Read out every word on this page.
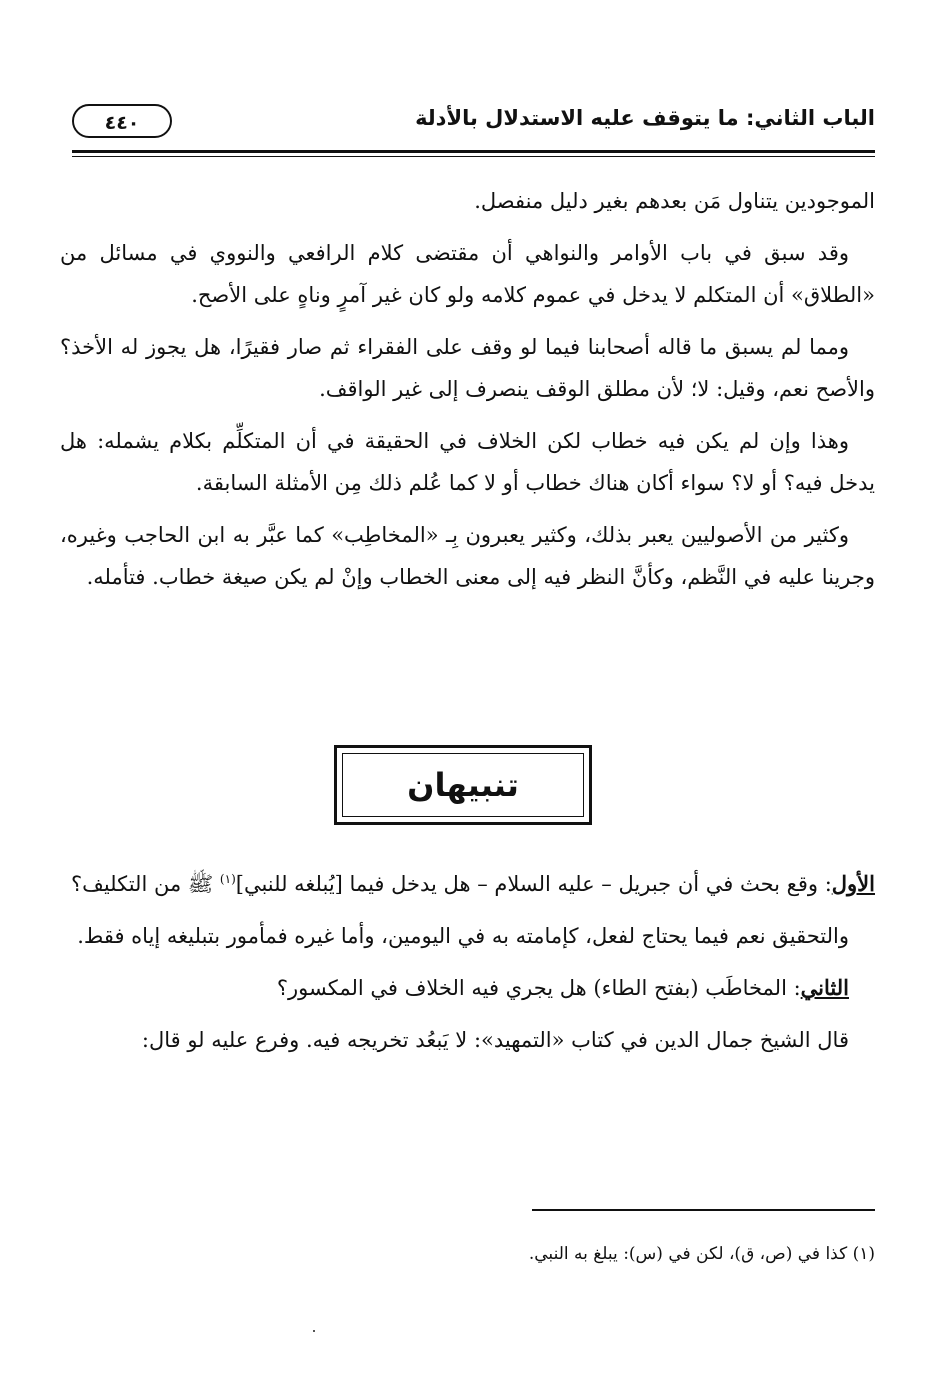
الباب الثاني: ما يتوقف عليه الاستدلال بالأدلة
٤٤٠

الموجودين يتناول مَن بعدهم بغير دليل منفصل.

وقد سبق في باب الأوامر والنواهي أن مقتضى كلام الرافعي والنووي في مسائل من «الطلاق» أن المتكلم لا يدخل في عموم كلامه ولو كان غير آمرٍ وناهٍ على الأصح.

ومما لم يسبق ما قاله أصحابنا فيما لو وقف على الفقراء ثم صار فقيرًا، هل يجوز له الأخذ؟ والأصح نعم، وقيل: لا؛ لأن مطلق الوقف ينصرف إلى غير الواقف.

وهذا وإن لم يكن فيه خطاب لكن الخلاف في الحقيقة في أن المتكلِّم بكلام يشمله: هل يدخل فيه؟ أو لا؟ سواء أكان هناك خطاب أو لا كما عُلم ذلك مِن الأمثلة السابقة.

وكثير من الأصوليين يعبر بذلك، وكثير يعبرون بِـ «المخاطِب» كما عبَّر به ابن الحاجب وغيره، وجرينا عليه في النَّظم، وكأنَّ النظر فيه إلى معنى الخطاب وإنْ لم يكن صيغة خطاب. فتأمله.

تنبيهان

الأول: وقع بحث في أن جبريل – عليه السلام – هل يدخل فيما [يُبلغه للنبي]$^{(١)}$ ﷺ من التكليف؟

والتحقيق نعم فيما يحتاج لفعل، كإمامته به في اليومين، وأما غيره فمأمور بتبليغه إياه فقط.

الثاني: المخاطَب (بفتح الطاء) هل يجري فيه الخلاف في المكسور؟

قال الشيخ جمال الدين في كتاب «التمهيد»: لا يَبعُد تخريجه فيه. وفرع عليه لو قال:

(١) كذا في (ص، ق)، لكن في (س): يبلغ به النبي.
